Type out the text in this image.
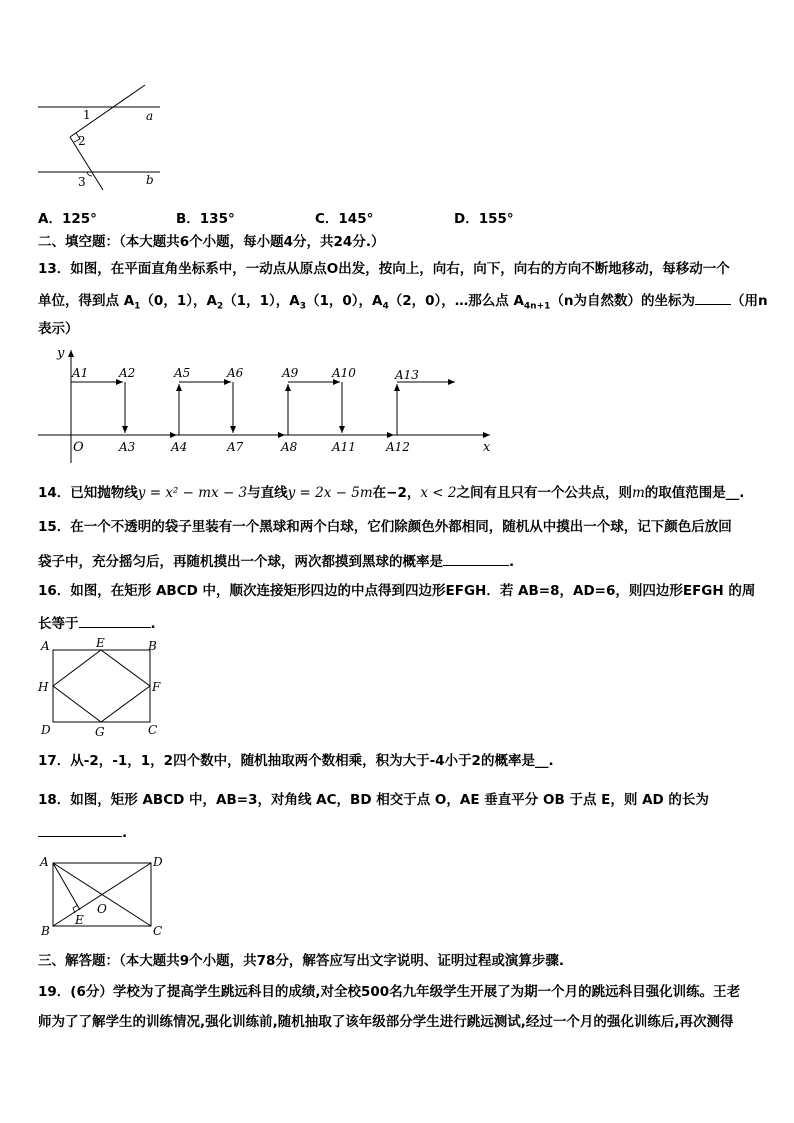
1
2
3
a
b
A．125°	B．135°	C．145°	D．155°
二、填空题：（本大题共6个小题，每小题4分，共24分.）
13．如图，在平面直角坐标系中，一动点从原点O出发，按向上，向右，向下，向右的方向不断地移动，每移动一个
单位，得到点 $A_1(0$，1），$A_2(1$，1），$A_3(1$，0），$A_4(2$，0），…那么点 $A_{4n+1}(n$为自然数）的坐标为	（用n
表示）
y
x
O
A1	A2	A5	A6	A9	A10	A13
A3	A4	A7	A8	A11	A12
14．已知抛物线y = x² − mx − 3与直线y = 2x − 5m在−2，x < 2之间有且只有一个公共点，则m的取值范围是__.
15．在一个不透明的袋子里装有一个黑球和两个白球，它们除颜色外都相同，随机从中摸出一个球，记下颜色后放回
袋子中，充分摇匀后，再随机摸出一个球，两次都摸到黑球的概率是	.
16．如图，在矩形 ABCD 中，顺次连接矩形四边的中点得到四边形EFGH．若 AB=8，AD=6，则四边形EFGH 的周
长等于	.
A	E	B
H	F
D	G	C
17．从-2，-1，1，2四个数中，随机抽取两个数相乘，积为大于-4小于2的概率是__.
18．如图，矩形 ABCD 中，AB=3，对角线 AC，BD 相交于点 O，AE 垂直平分 OB 于点 E，则 AD 的长为
.
A	D
B	C
E
O
三、解答题：（本大题共9个小题，共78分，解答应写出文字说明、证明过程或演算步骤.
19．(6分）学校为了提高学生跳远科目的成绩,对全校500名九年级学生开展了为期一个月的跳远科目强化训练。王老
师为了了解学生的训练情况,强化训练前,随机抽取了该年级部分学生进行跳远测试,经过一个月的强化训练后,再次测得
